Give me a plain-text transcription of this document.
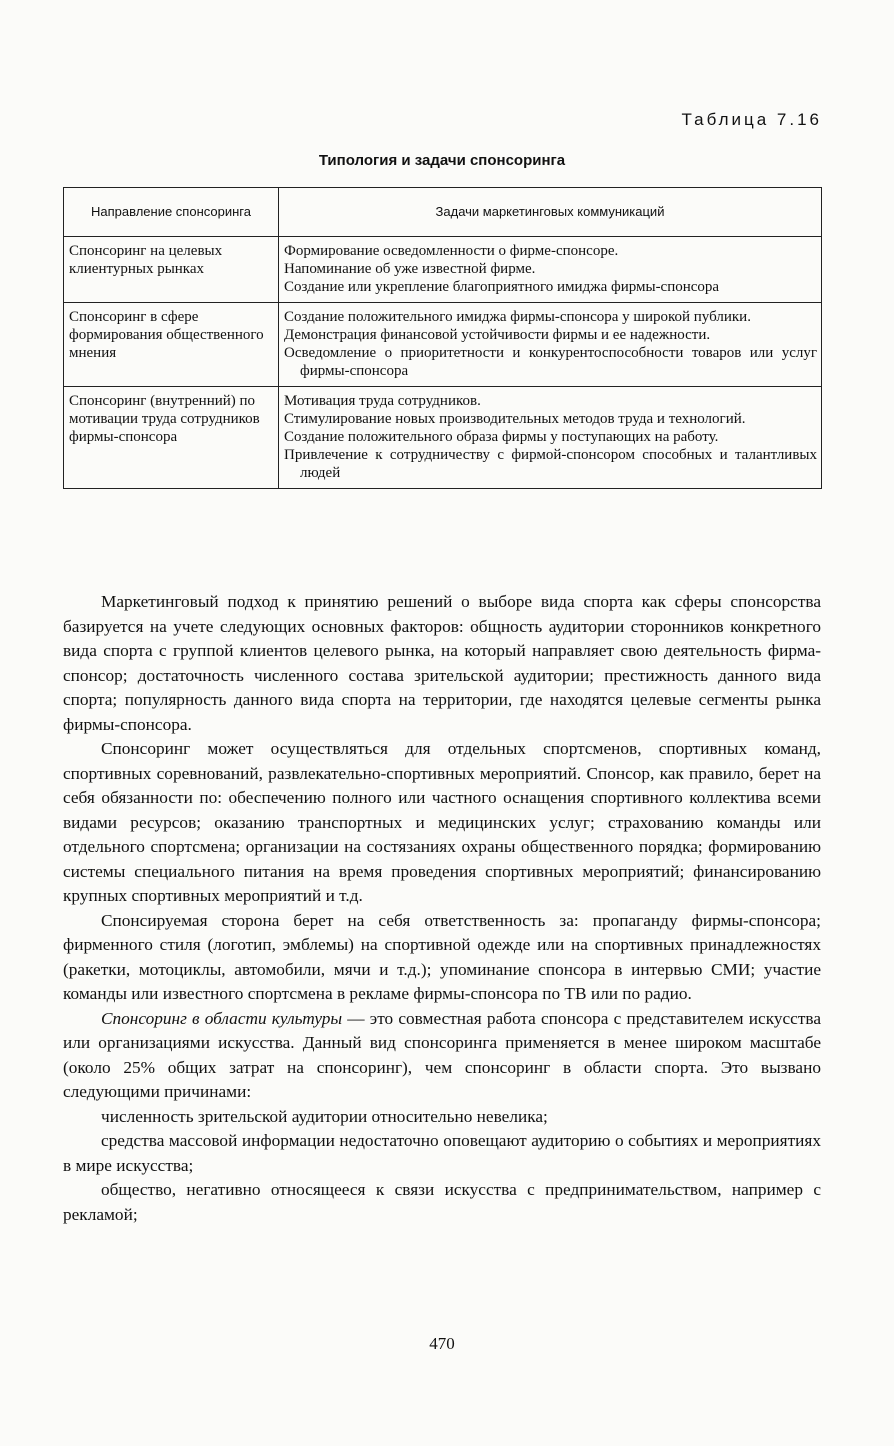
Таблица 7.16
Типология и задачи спонсоринга
Направление спонсоринга	Задачи маркетинговых коммуникаций

Спонсоринг на целевых клиентурных рынках	Формирование осведомленности о фирме-спонсоре.
Напоминание об уже известной фирме.
Создание или укрепление благоприятного имиджа фирмы-спонсора

Спонсоринг в сфере формирования общественного мнения	Создание положительного имиджа фирмы-спонсора у широкой публики.
Демонстрация финансовой устойчивости фирмы и ее надежности.
Осведомление о приоритетности и конкурентоспособности товаров или услуг фирмы-спонсора

Спонсоринг (внутренний) по мотивации труда сотрудников фирмы-спонсора	Мотивация труда сотрудников.
Стимулирование новых производительных методов труда и технологий.
Создание положительного образа фирмы у поступающих на работу.
Привлечение к сотрудничеству с фирмой-спонсором способных и талантливых людей

Маркетинговый подход к принятию решений о выборе вида спорта как сферы спонсорства базируется на учете следующих основных факторов: общность аудитории сторонников конкретного вида спорта с группой клиентов целевого рынка, на который направляет свою деятельность фирма-спонсор; достаточность численного состава зрительской аудитории; престижность данного вида спорта; популярность данного вида спорта на территории, где находятся целевые сегменты рынка фирмы-спонсора.

Спонсоринг может осуществляться для отдельных спортсменов, спортивных команд, спортивных соревнований, развлекательно-спортивных мероприятий. Спонсор, как правило, берет на себя обязанности по: обеспечению полного или частного оснащения спортивного коллектива всеми видами ресурсов; оказанию транспортных и медицинских услуг; страхованию команды или отдельного спортсмена; организации на состязаниях охраны общественного порядка; формированию системы специального питания на время проведения спортивных мероприятий; финансированию крупных спортивных мероприятий и т.д.

Спонсируемая сторона берет на себя ответственность за: пропаганду фирмы-спонсора; фирменного стиля (логотип, эмблемы) на спортивной одежде или на спортивных принадлежностях (ракетки, мотоциклы, автомобили, мячи и т.д.); упоминание спонсора в интервью СМИ; участие команды или известного спортсмена в рекламе фирмы-спонсора по ТВ или по радио.

Спонсоринг в области культуры — это совместная работа спонсора с представителем искусства или организациями искусства. Данный вид спонсоринга применяется в менее широком масштабе (около 25% общих затрат на спонсоринг), чем спонсоринг в области спорта. Это вызвано следующими причинами:

численность зрительской аудитории относительно невелика;

средства массовой информации недостаточно оповещают аудиторию о событиях и мероприятиях в мире искусства;

общество, негативно относящееся к связи искусства с предпринимательством, например с рекламой;

470
